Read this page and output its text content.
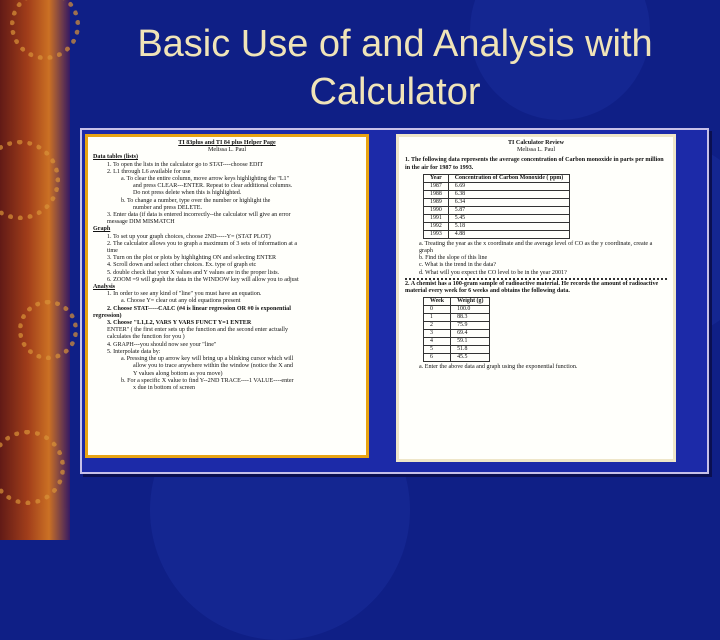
Basic Use of and Analysis with
Calculator
TI 83plus and TI 84 plus Helper Page
Melissa L. Paul
Data tables (lists)
1. To open the lists in the calculator go to STAT----choose EDIT
2. L1 through L6 available for use
a. To clear the entire column, move arrow keys highlighting the "L1"
and press CLEAR---ENTER. Repeat to clear additional columns.
Do not press delete when this is highlighted.
b. To change a number, type over the number or highlight the
number and press DELETE.
3. Enter data (if data is entered incorrectly--the calculator will give an error
message DIM MISMATCH
Graph
1. To set up your graph choices, choose 2ND-----Y= (STAT PLOT)
2. The calculator allows you to graph a maximum of 3 sets of information at a
time
3. Turn on the plot or plots by highlighting ON and selecting ENTER
4. Scroll down and select other choices. Ex. type of graph etc
5. double check that your X values and Y values are in the proper lists.
6. ZOOM =9 will graph the data in the WINDOW key will allow you to adjust
Analysis
1. In order to see any kind of "line" you must have an equation.
a. Choose Y= clear out any old equations present
2. Choose STAT-----CALC (#4 is linear regression OR #0 is exponential
regression)
3. Choose "L1,L2, VARS Y VARS FUNCT Y=1 ENTER
ENTER" ( the first enter sets up the function and the second enter actually
calculates the function for you )
4. GRAPH---you should now see your "line"
5. Interpolate data by:
a. Pressing the up arrow key will bring up a blinking cursor which will
allow you to trace anywhere within the window (notice the X and
Y values along bottom as you move)
b. For a specific X value to find Y--2ND TRACE----1 VALUE----enter
x due in bottom of screen
TI Calculator Review
Melissa L. Paul
1. The following data represents the average concentration of Carbon monoxide in parts per million in the air for 1987 to 1993.
Year	Concentration of Carbon Monoxide ( ppm)
1987	6.69
1988	6.38
1989	6.34
1990	5.87
1991	5.45
1992	5.18
1993	4.88
a. Treating the year as the x coordinate and the average level of CO as the y coordinate, create a graph
b. Find the slope of this line
c. What is the trend in the data?
d. What will you expect the CO level to be in the year 2001?
2. A chemist has a 100-gram sample of radioactive material. He records the amount of radioactive material every week for 6 weeks and obtains the following data.
Week	Weight (g)
0	100.0
1	88.3
2	75.9
3	69.4
4	59.1
5	51.8
6	45.5
a. Enter the above data and graph using the exponential function.
